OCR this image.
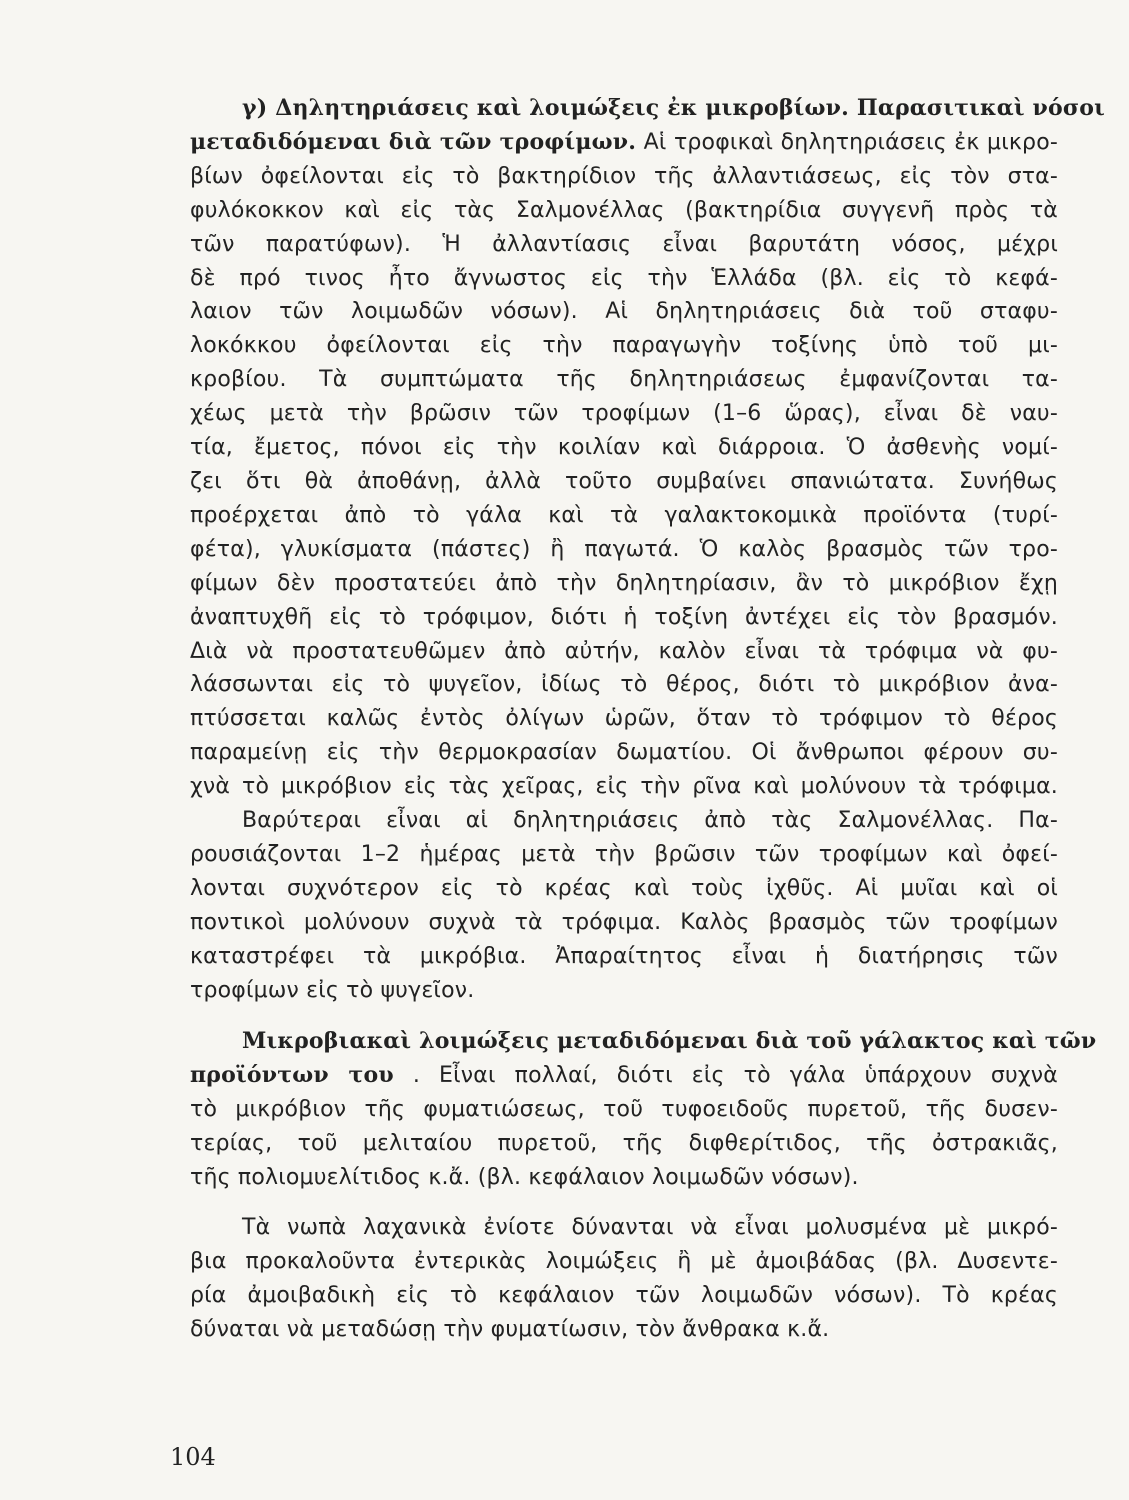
γ) Δηλητηριάσεις καὶ λοιμώξεις ἐκ μικροβίων. Παρασιτικαὶ νόσοι
μεταδιδόμεναι διὰ τῶν τροφίμων. Αἱ τροφικαὶ δηλητηριάσεις ἐκ μικρο-
βίων ὀφείλονται εἰς τὸ βακτηρίδιον τῆς ἀλλαντιάσεως, εἰς τὸν στα-
φυλόκοκκον καὶ εἰς τὰς Σαλμονέλλας (βακτηρίδια συγγενῆ πρὸς τὰ
τῶν παρατύφων). Ἡ ἀλλαντίασις εἶναι βαρυτάτη νόσος, μέχρι
δὲ πρό τινος ἦτο ἄγνωστος εἰς τὴν Ἑλλάδα (βλ. εἰς τὸ κεφά-
λαιον τῶν λοιμωδῶν νόσων). Αἱ δηλητηριάσεις διὰ τοῦ σταφυ-
λοκόκκου ὀφείλονται εἰς τὴν παραγωγὴν τοξίνης ὑπὸ τοῦ μι-
κροβίου. Τὰ συμπτώματα τῆς δηλητηριάσεως ἐμφανίζονται τα-
χέως μετὰ τὴν βρῶσιν τῶν τροφίμων (1–6 ὥρας), εἶναι δὲ ναυ-
τία, ἔμετος, πόνοι εἰς τὴν κοιλίαν καὶ διάρροια. Ὁ ἀσθενὴς νομί-
ζει ὅτι θὰ ἀποθάνῃ, ἀλλὰ τοῦτο συμβαίνει σπανιώτατα. Συνήθως
προέρχεται ἀπὸ τὸ γάλα καὶ τὰ γαλακτοκομικὰ προϊόντα (τυρί-
φέτα), γλυκίσματα (πάστες) ἢ παγωτά. Ὁ καλὸς βρασμὸς τῶν τρο-
φίμων δὲν προστατεύει ἀπὸ τὴν δηλητηρίασιν, ἂν τὸ μικρόβιον ἔχῃ
ἀναπτυχθῆ εἰς τὸ τρόφιμον, διότι ἡ τοξίνη ἀντέχει εἰς τὸν βρασμόν.
Διὰ νὰ προστατευθῶμεν ἀπὸ αὐτήν, καλὸν εἶναι τὰ τρόφιμα νὰ φυ-
λάσσωνται εἰς τὸ ψυγεῖον, ἰδίως τὸ θέρος, διότι τὸ μικρόβιον ἀνα-
πτύσσεται καλῶς ἐντὸς ὀλίγων ὡρῶν, ὅταν τὸ τρόφιμον τὸ θέρος
παραμείνῃ εἰς τὴν θερμοκρασίαν δωματίου. Οἱ ἄνθρωποι φέρουν συ-
χνὰ τὸ μικρόβιον εἰς τὰς χεῖρας, εἰς τὴν ρῖνα καὶ μολύνουν τὰ τρόφιμα.
Βαρύτεραι εἶναι αἱ δηλητηριάσεις ἀπὸ τὰς Σαλμονέλλας. Πα-
ρουσιάζονται 1–2 ἡμέρας μετὰ τὴν βρῶσιν τῶν τροφίμων καὶ ὀφεί-
λονται συχνότερον εἰς τὸ κρέας καὶ τοὺς ἰχθῦς. Αἱ μυῖαι καὶ οἱ
ποντικοὶ μολύνουν συχνὰ τὰ τρόφιμα. Καλὸς βρασμὸς τῶν τροφίμων
καταστρέφει τὰ μικρόβια. Ἀπαραίτητος εἶναι ἡ διατήρησις τῶν
τροφίμων εἰς τὸ ψυγεῖον.
Μικροβιακαὶ λοιμώξεις μεταδιδόμεναι διὰ τοῦ γάλακτος καὶ τῶν
προϊόντων του . Εἶναι πολλαί, διότι εἰς τὸ γάλα ὑπάρχουν συχνὰ
τὸ μικρόβιον τῆς φυματιώσεως, τοῦ τυφοειδοῦς πυρετοῦ, τῆς δυσεν-
τερίας, τοῦ μελιταίου πυρετοῦ, τῆς διφθερίτιδος, τῆς ὀστρακιᾶς,
τῆς πολιομυελίτιδος κ.ἄ. (βλ. κεφάλαιον λοιμωδῶν νόσων).
Τὰ νωπὰ λαχανικὰ ἐνίοτε δύνανται νὰ εἶναι μολυσμένα μὲ μικρό-
βια προκαλοῦντα ἐντερικὰς λοιμώξεις ἢ μὲ ἀμοιβάδας (βλ. Δυσεντε-
ρία ἀμοιβαδικὴ εἰς τὸ κεφάλαιον τῶν λοιμωδῶν νόσων). Τὸ κρέας
δύναται νὰ μεταδώσῃ τὴν φυματίωσιν, τὸν ἄνθρακα κ.ἄ.
104
